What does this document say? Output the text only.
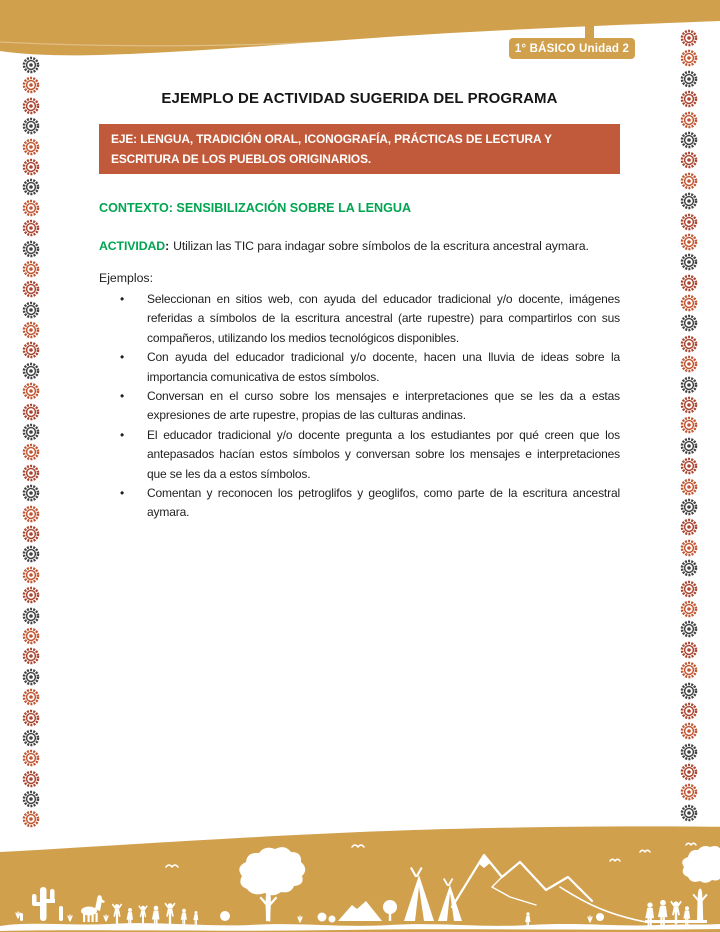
1° BÁSICO Unidad 2
EJEMPLO DE ACTIVIDAD SUGERIDA DEL PROGRAMA
EJE: LENGUA, TRADICIÓN ORAL, ICONOGRAFÍA, PRÁCTICAS DE LECTURA Y ESCRITURA DE LOS PUEBLOS ORIGINARIOS.
CONTEXTO: SENSIBILIZACIÓN SOBRE LA LENGUA

ACTIVIDAD: Utilizan las TIC para indagar sobre símbolos de la escritura ancestral aymara.

Ejemplos:

• Seleccionan en sitios web, con ayuda del educador tradicional y/o docente, imágenes referidas a símbolos de la escritura ancestral (arte rupestre) para compartirlos con sus compañeros, utilizando los medios tecnológicos disponibles.
• Con ayuda del educador tradicional y/o docente, hacen una lluvia de ideas sobre la importancia comunicativa de estos símbolos.
• Conversan en el curso sobre los mensajes e interpretaciones que se les da a estas expresiones de arte rupestre, propias de las culturas andinas.
• El educador tradicional y/o docente pregunta a los estudiantes por qué creen que los antepasados hacían estos símbolos y conversan sobre los mensajes e interpretaciones que se les da a estos símbolos.
• Comentan y reconocen los petroglifos y geoglifos, como parte de la escritura ancestral aymara.
